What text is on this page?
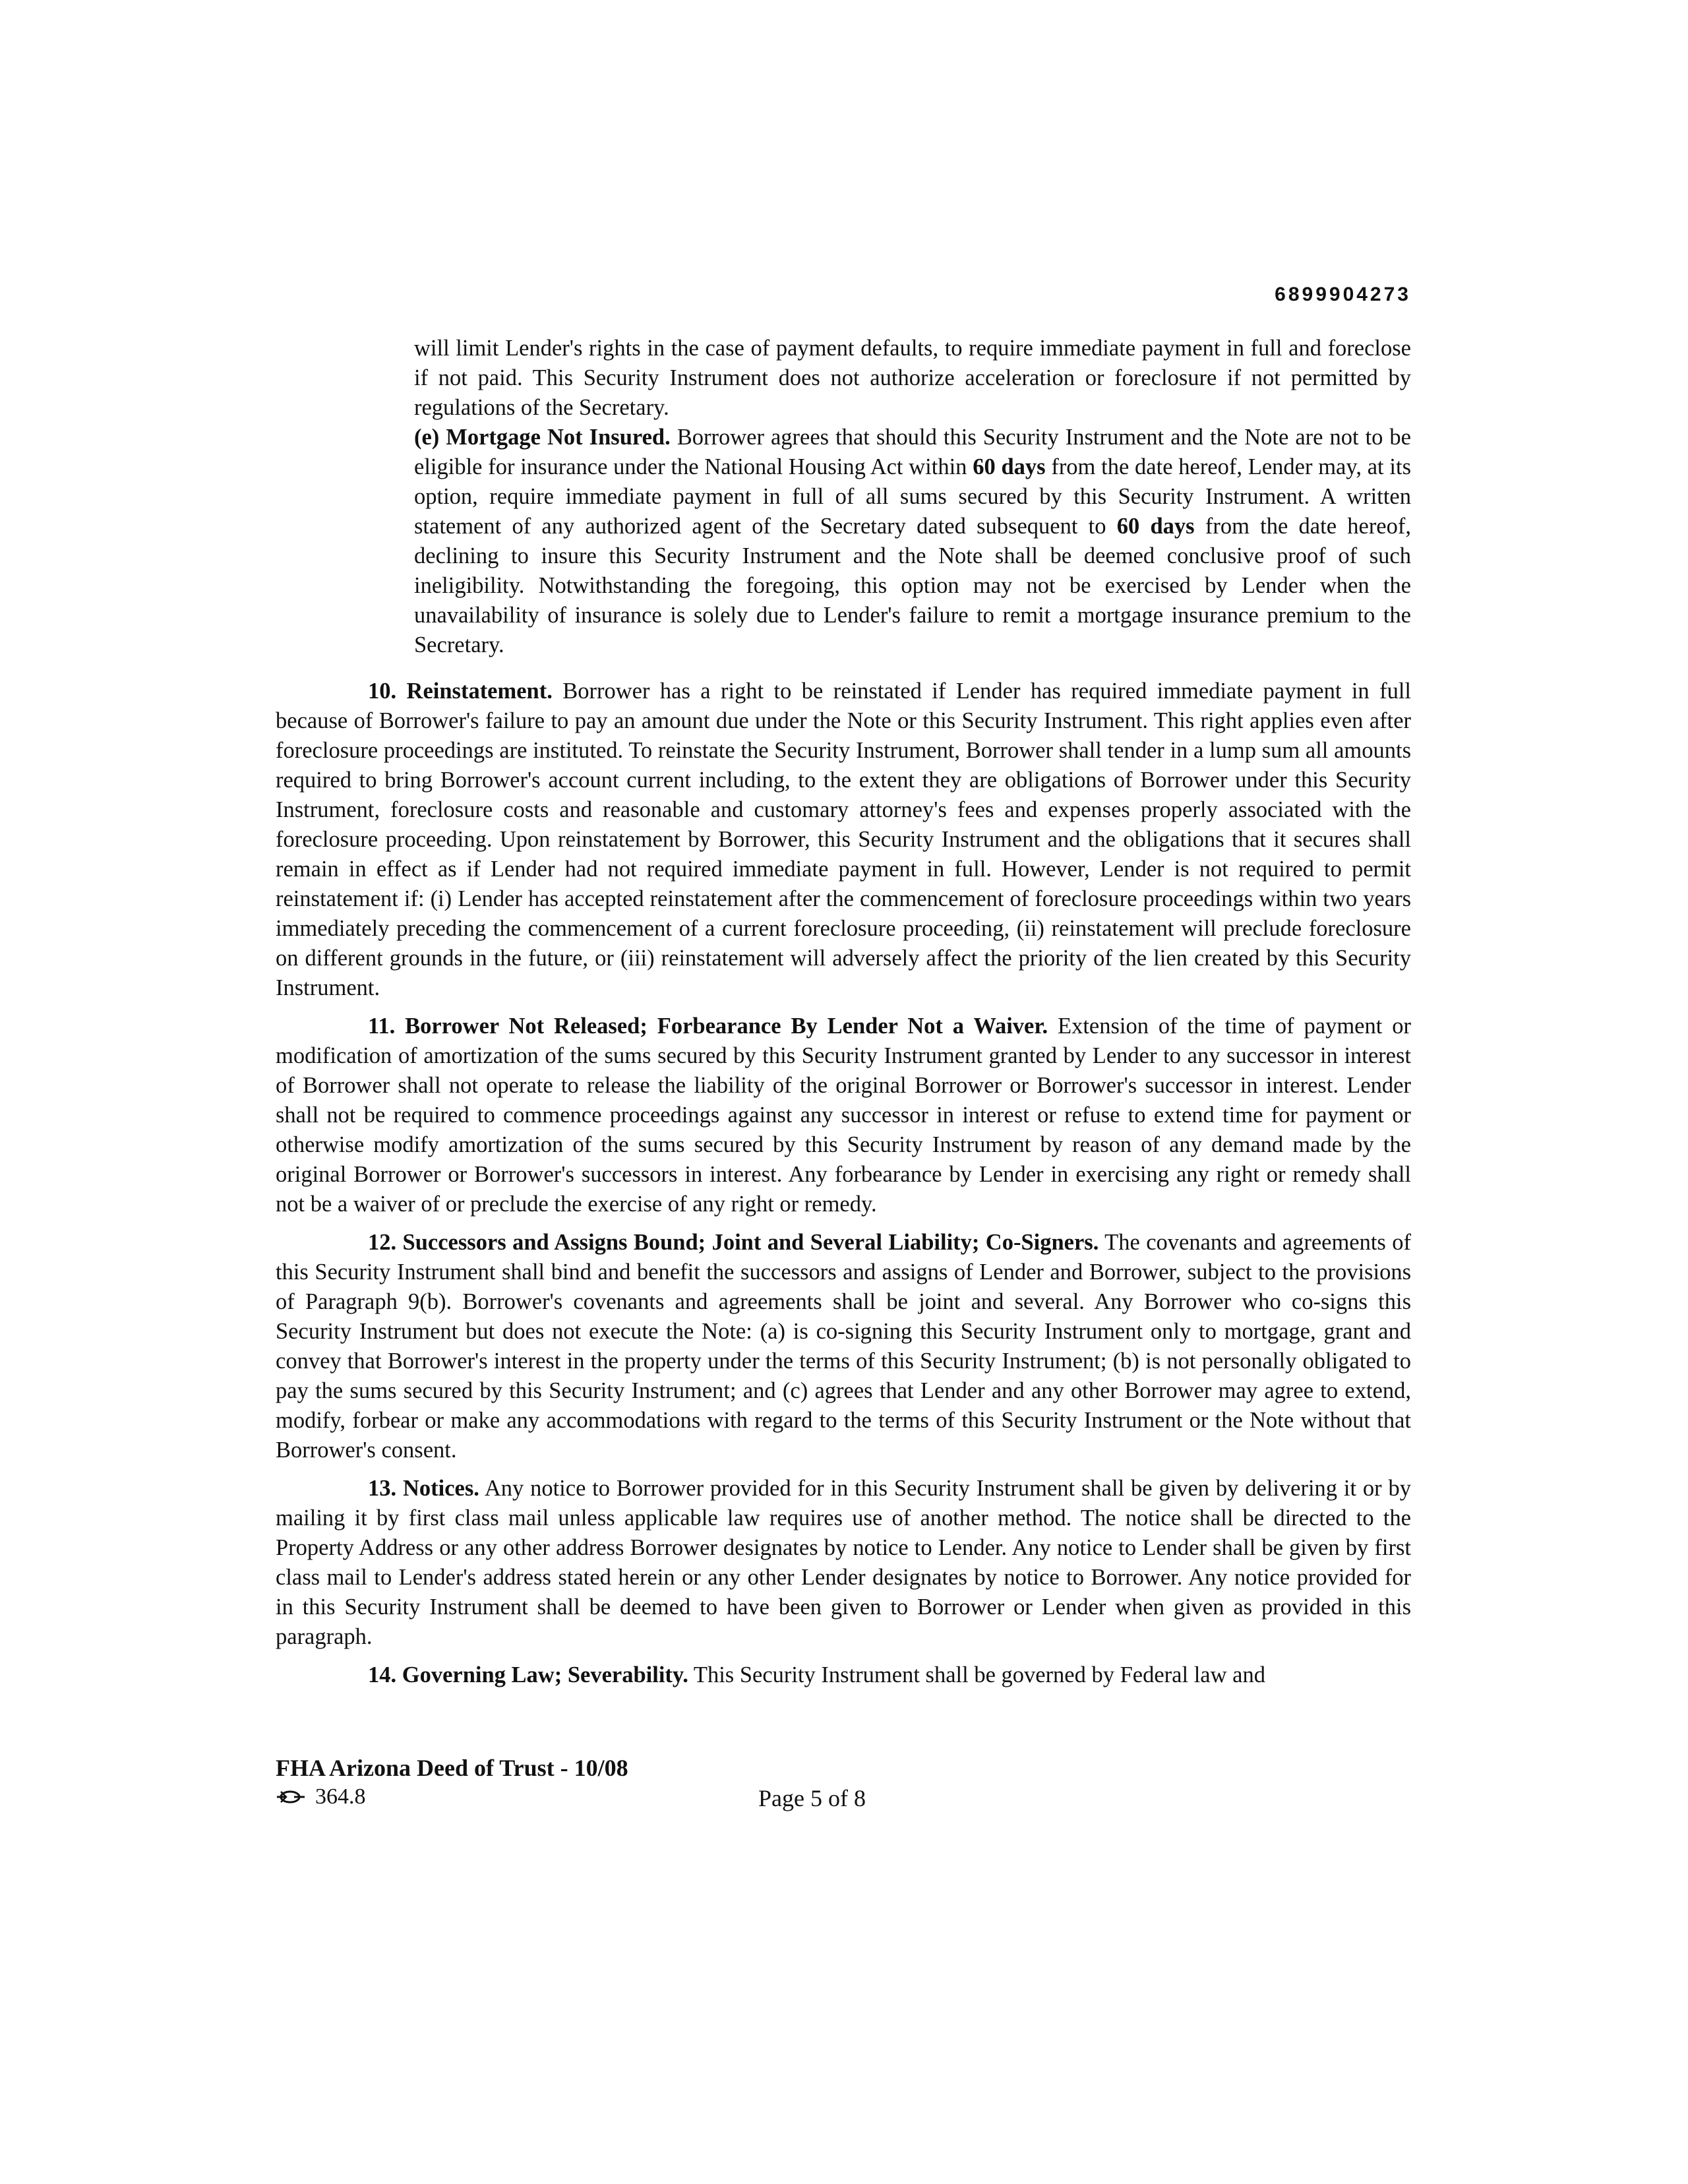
6899904273

will limit Lender's rights in the case of payment defaults, to require immediate payment in full and foreclose if not paid. This Security Instrument does not authorize acceleration or foreclosure if not permitted by regulations of the Secretary.

(e) Mortgage Not Insured. Borrower agrees that should this Security Instrument and the Note are not to be eligible for insurance under the National Housing Act within 60 days from the date hereof, Lender may, at its option, require immediate payment in full of all sums secured by this Security Instrument. A written statement of any authorized agent of the Secretary dated subsequent to 60 days from the date hereof, declining to insure this Security Instrument and the Note shall be deemed conclusive proof of such ineligibility. Notwithstanding the foregoing, this option may not be exercised by Lender when the unavailability of insurance is solely due to Lender's failure to remit a mortgage insurance premium to the Secretary.

10. Reinstatement. Borrower has a right to be reinstated if Lender has required immediate payment in full because of Borrower's failure to pay an amount due under the Note or this Security Instrument. This right applies even after foreclosure proceedings are instituted. To reinstate the Security Instrument, Borrower shall tender in a lump sum all amounts required to bring Borrower's account current including, to the extent they are obligations of Borrower under this Security Instrument, foreclosure costs and reasonable and customary attorney's fees and expenses properly associated with the foreclosure proceeding. Upon reinstatement by Borrower, this Security Instrument and the obligations that it secures shall remain in effect as if Lender had not required immediate payment in full. However, Lender is not required to permit reinstatement if: (i) Lender has accepted reinstatement after the commencement of foreclosure proceedings within two years immediately preceding the commencement of a current foreclosure proceeding, (ii) reinstatement will preclude foreclosure on different grounds in the future, or (iii) reinstatement will adversely affect the priority of the lien created by this Security Instrument.

11. Borrower Not Released; Forbearance By Lender Not a Waiver. Extension of the time of payment or modification of amortization of the sums secured by this Security Instrument granted by Lender to any successor in interest of Borrower shall not operate to release the liability of the original Borrower or Borrower's successor in interest. Lender shall not be required to commence proceedings against any successor in interest or refuse to extend time for payment or otherwise modify amortization of the sums secured by this Security Instrument by reason of any demand made by the original Borrower or Borrower's successors in interest. Any forbearance by Lender in exercising any right or remedy shall not be a waiver of or preclude the exercise of any right or remedy.

12. Successors and Assigns Bound; Joint and Several Liability; Co-Signers. The covenants and agreements of this Security Instrument shall bind and benefit the successors and assigns of Lender and Borrower, subject to the provisions of Paragraph 9(b). Borrower's covenants and agreements shall be joint and several. Any Borrower who co-signs this Security Instrument but does not execute the Note: (a) is co-signing this Security Instrument only to mortgage, grant and convey that Borrower's interest in the property under the terms of this Security Instrument; (b) is not personally obligated to pay the sums secured by this Security Instrument; and (c) agrees that Lender and any other Borrower may agree to extend, modify, forbear or make any accommodations with regard to the terms of this Security Instrument or the Note without that Borrower's consent.

13. Notices. Any notice to Borrower provided for in this Security Instrument shall be given by delivering it or by mailing it by first class mail unless applicable law requires use of another method. The notice shall be directed to the Property Address or any other address Borrower designates by notice to Lender. Any notice to Lender shall be given by first class mail to Lender's address stated herein or any other Lender designates by notice to Borrower. Any notice provided for in this Security Instrument shall be deemed to have been given to Borrower or Lender when given as provided in this paragraph.

14. Governing Law; Severability. This Security Instrument shall be governed by Federal law and

FHA Arizona Deed of Trust - 10/08
364.8	Page 5 of 8
